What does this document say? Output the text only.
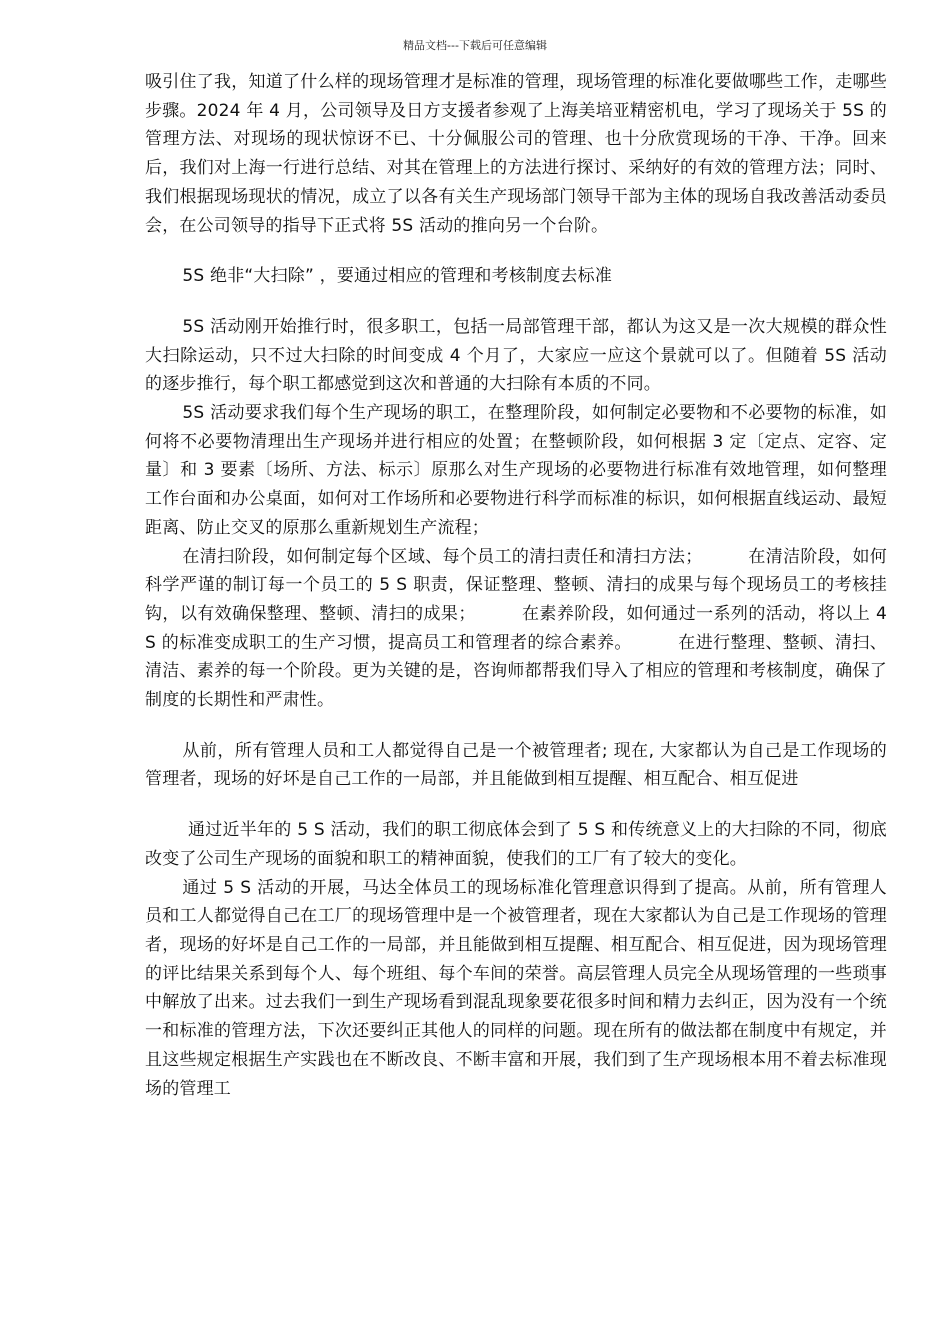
精品文档---下载后可任意编辑

吸引住了我，知道了什么样的现场管理才是标准的管理，现场管理的标准化要做哪些工作，走哪些步骤。2024 年 4 月，公司领导及日方支援者参观了上海美培亚精密机电，学习了现场关于 5S 的管理方法、对现场的现状惊讶不已、十分佩服公司的管理、也十分欣赏现场的干净、干净。回来后，我们对上海一行进行总结、对其在管理上的方法进行探讨、采纳好的有效的管理方法；同时、我们根据现场现状的情况，成立了以各有关生产现场部门领导干部为主体的现场自我改善活动委员会，在公司领导的指导下正式将 5S 活动的推向另一个台阶。

5S 绝非“大扫除” ，要通过相应的管理和考核制度去标准

5S 活动刚开始推行时，很多职工，包括一局部管理干部，都认为这又是一次大规模的群众性大扫除运动，只不过大扫除的时间变成 4 个月了，大家应一应这个景就可以了。但随着 5S 活动的逐步推行，每个职工都感觉到这次和普通的大扫除有本质的不同。

5S 活动要求我们每个生产现场的职工，在整理阶段，如何制定必要物和不必要物的标准，如何将不必要物清理出生产现场并进行相应的处置；在整顿阶段，如何根据 3 定〔定点、定容、定量〕和 3 要素〔场所、方法、标示〕原那么对生产现场的必要物进行标准有效地管理，如何整理工作台面和办公桌面，如何对工作场所和必要物进行科学而标准的标识，如何根据直线运动、最短距离、防止交叉的原那么重新规划生产流程；

在清扫阶段，如何制定每个区域、每个员工的清扫责任和清扫方法；        在清洁阶段，如何科学严谨的制订每一个员工的 5 S 职责，保证整理、整顿、清扫的成果与每个现场员工的考核挂钩，以有效确保整理、整顿、清扫的成果；        在素养阶段，如何通过一系列的活动，将以上 4 S 的标准变成职工的生产习惯，提高员工和管理者的综合素养。        在进行整理、整顿、清扫、清洁、素养的每一个阶段。更为关键的是，咨询师都帮我们导入了相应的管理和考核制度，确保了制度的长期性和严肃性。

从前，所有管理人员和工人都觉得自己是一个被管理者; 现在, 大家都认为自己是工作现场的管理者，现场的好坏是自己工作的一局部，并且能做到相互提醒、相互配合、相互促进

通过近半年的 5 S 活动，我们的职工彻底体会到了 5 S 和传统意义上的大扫除的不同，彻底改变了公司生产现场的面貌和职工的精神面貌，使我们的工厂有了较大的变化。

通过 5 S 活动的开展，马达全体员工的现场标准化管理意识得到了提高。从前，所有管理人员和工人都觉得自己在工厂的现场管理中是一个被管理者，现在大家都认为自己是工作现场的管理者，现场的好坏是自己工作的一局部，并且能做到相互提醒、相互配合、相互促进，因为现场管理的评比结果关系到每个人、每个班组、每个车间的荣誉。高层管理人员完全从现场管理的一些琐事中解放了出来。过去我们一到生产现场看到混乱现象要花很多时间和精力去纠正，因为没有一个统一和标准的管理方法，下次还要纠正其他人的同样的问题。现在所有的做法都在制度中有规定，并且这些规定根据生产实践也在不断改良、不断丰富和开展，我们到了生产现场根本用不着去标准现场的管理工
